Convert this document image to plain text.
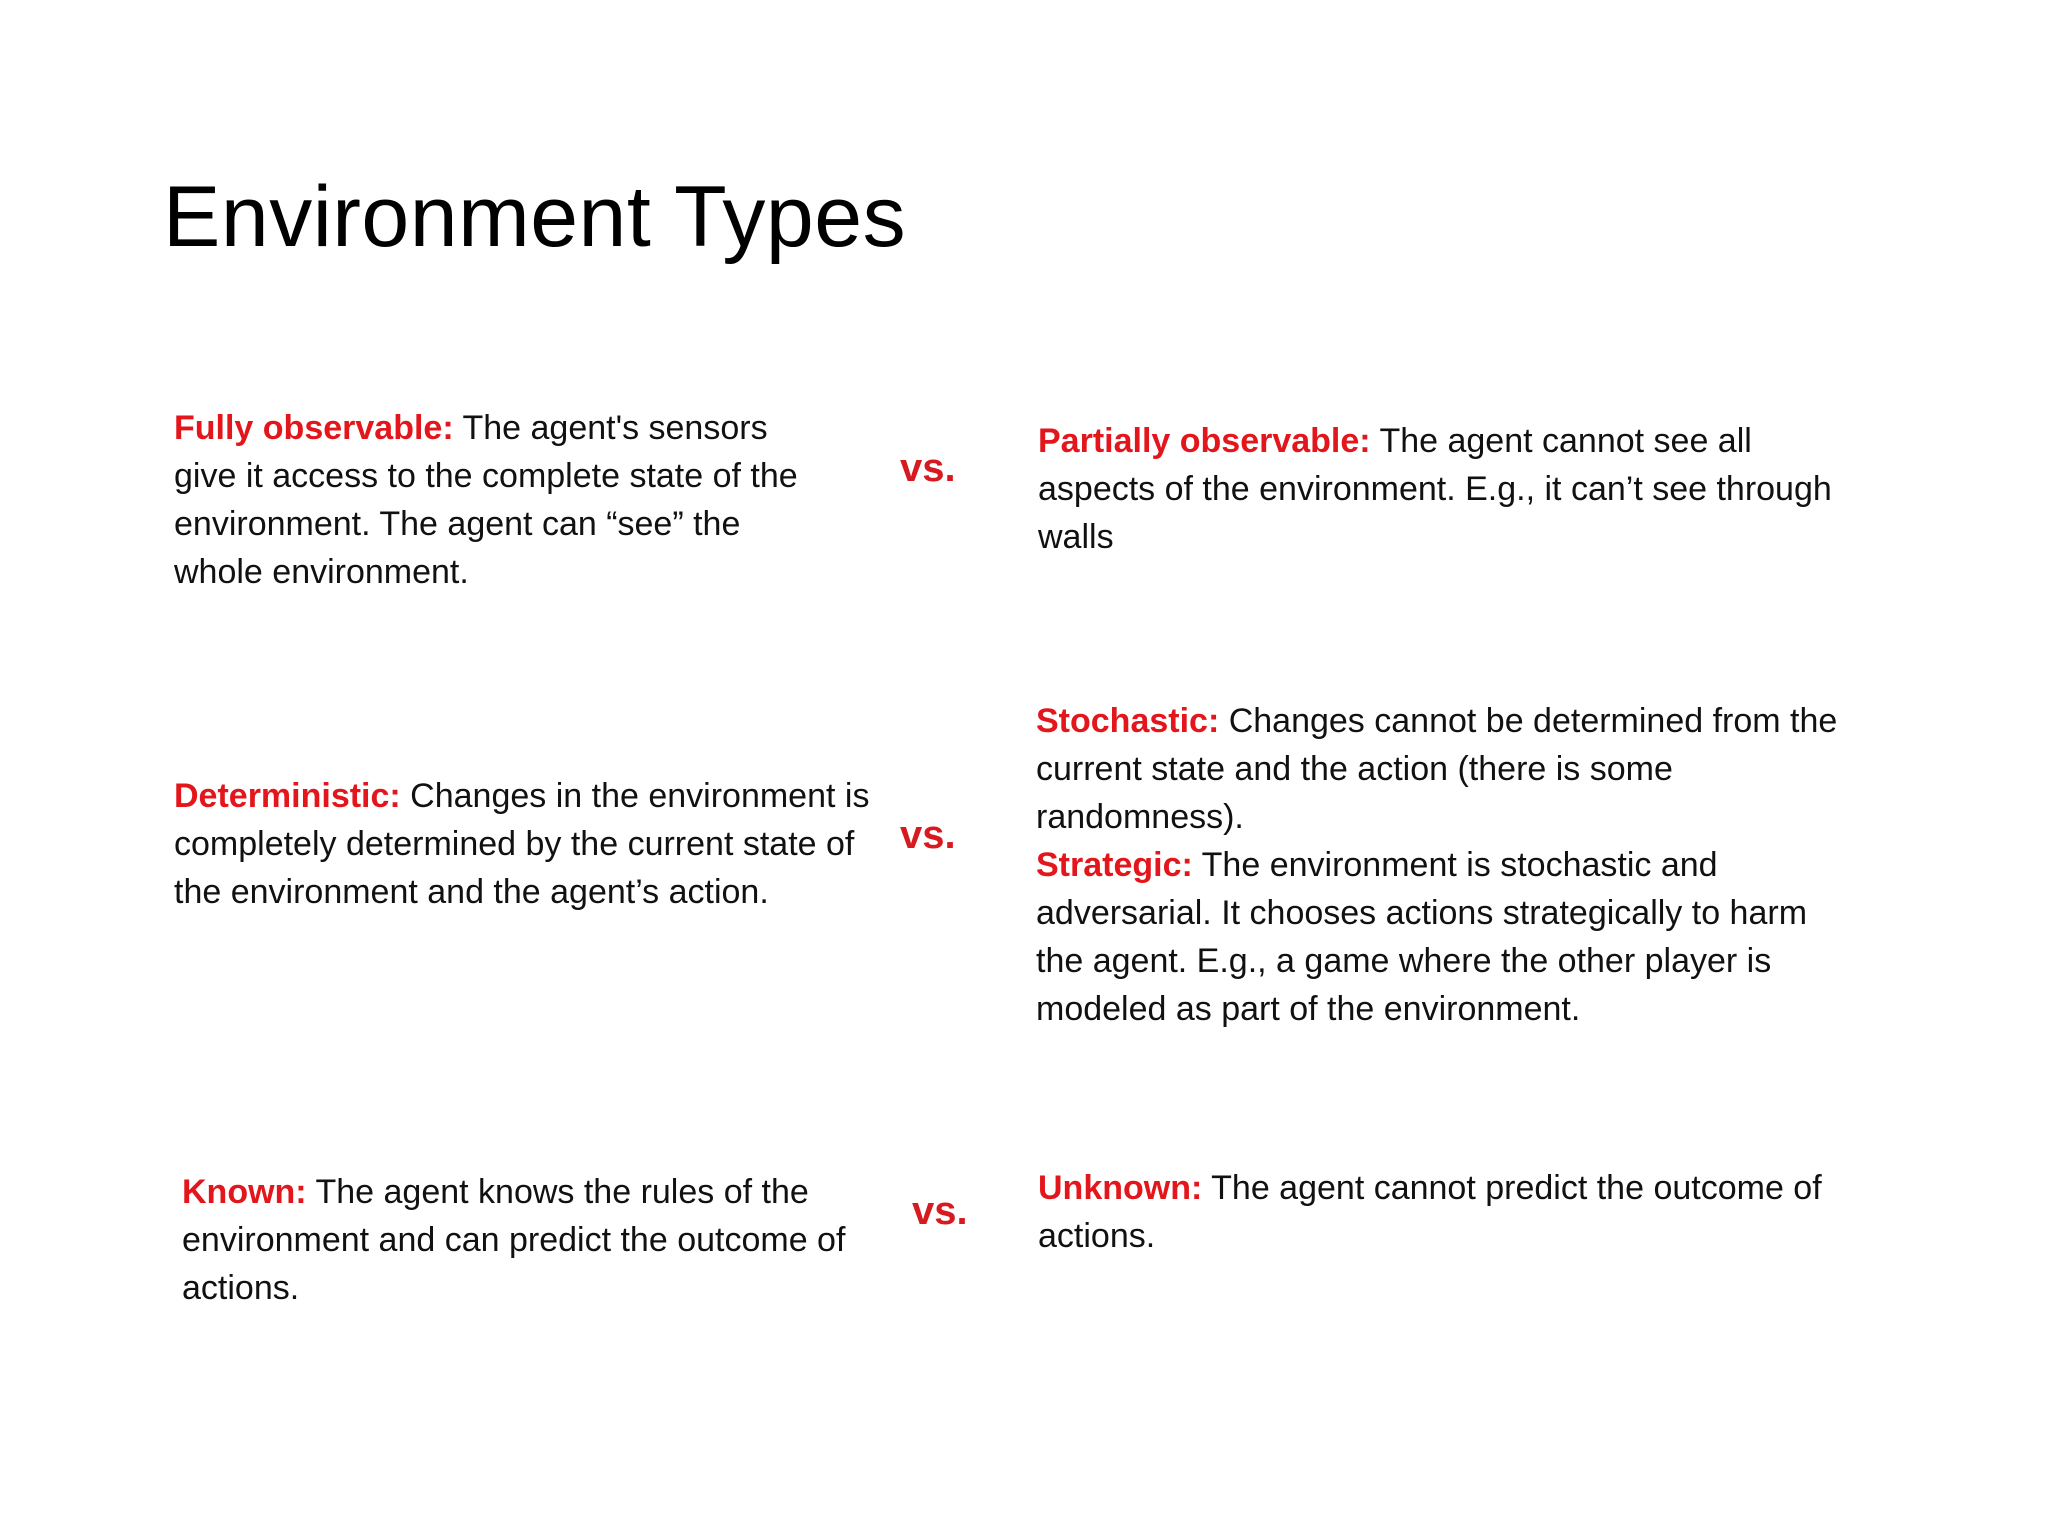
Environment Types
Fully observable: The agent's sensors give it access to the complete state of the environment. The agent can “see” the whole environment.
vs.
Partially observable: The agent cannot see all aspects of the environment. E.g., it can’t see through walls
Deterministic: Changes in the environment is completely determined by the current state of the environment and the agent’s action.
vs.

Stochastic: Changes cannot be determined from the current state and the action (there is some randomness).

Strategic: The environment is stochastic and adversarial. It chooses actions strategically to harm the agent. E.g., a game where the other player is modeled as part of the environment.

Known: The agent knows the rules of the environment and can predict the outcome of actions.
vs.
Unknown: The agent cannot predict the outcome of actions.
